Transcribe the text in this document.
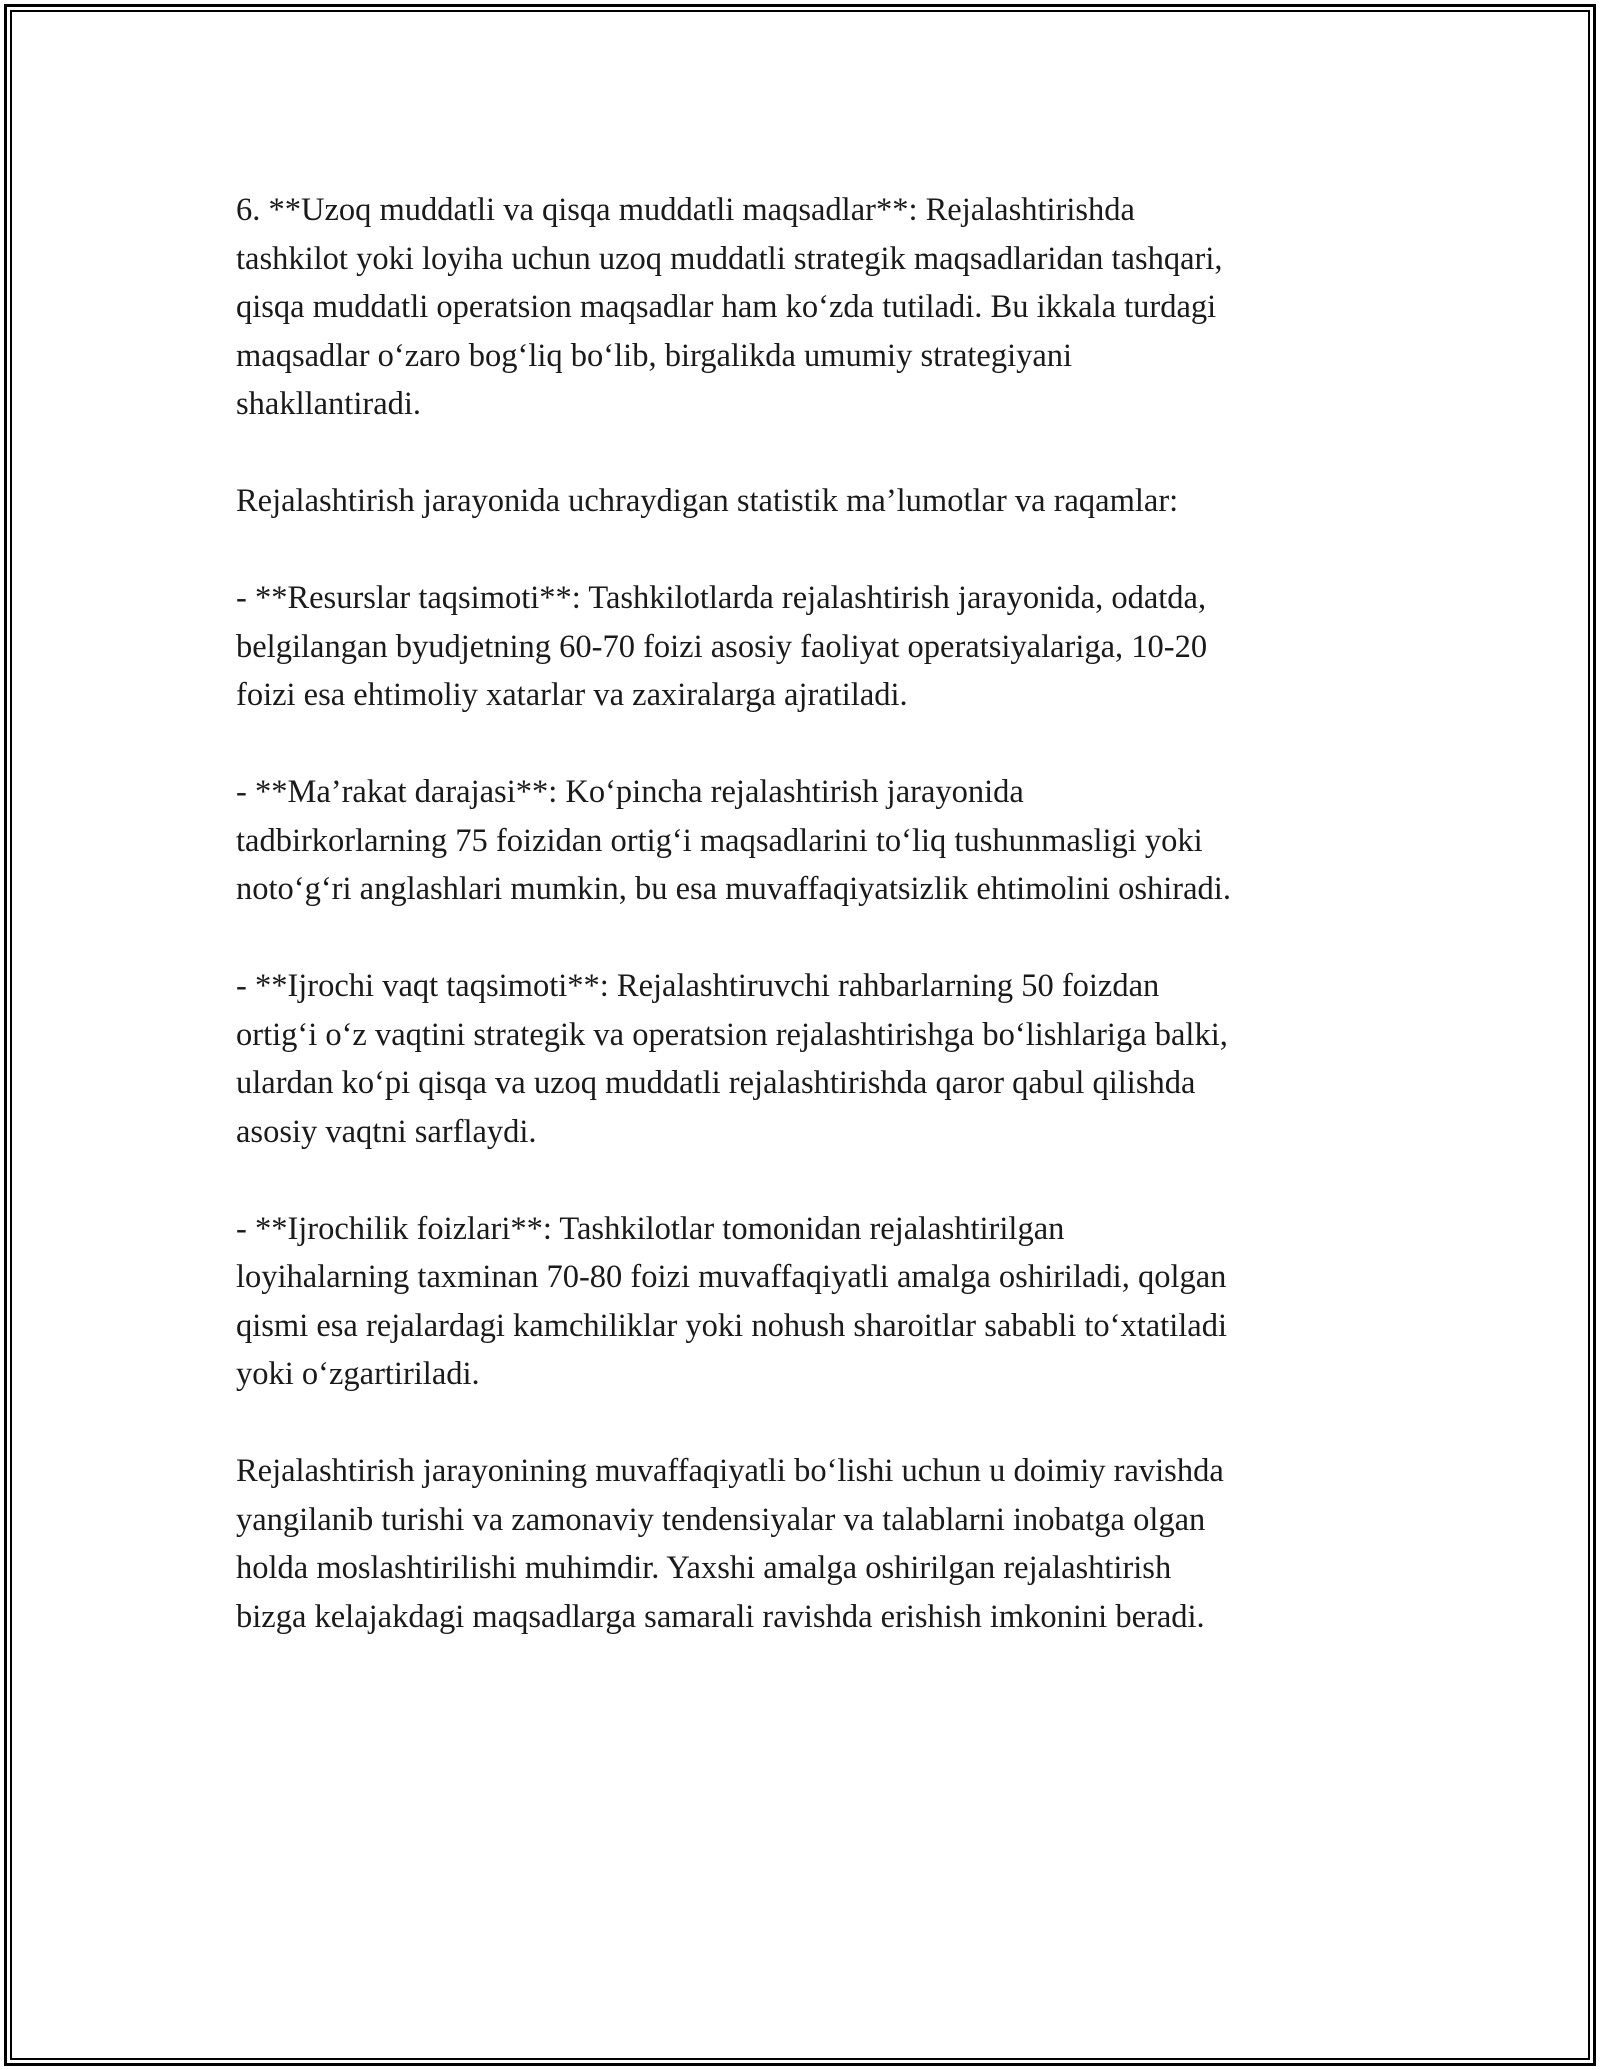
6. **Uzoq muddatli va qisqa muddatli maqsadlar**: Rejalashtirishda
tashkilot yoki loyiha uchun uzoq muddatli strategik maqsadlaridan tashqari,
qisqa muddatli operatsion maqsadlar ham ko‘zda tutiladi. Bu ikkala turdagi
maqsadlar o‘zaro bog‘liq bo‘lib, birgalikda umumiy strategiyani
shakllantiradi.

Rejalashtirish jarayonida uchraydigan statistik ma’lumotlar va raqamlar:

- **Resurslar taqsimoti**: Tashkilotlarda rejalashtirish jarayonida, odatda,
belgilangan byudjetning 60-70 foizi asosiy faoliyat operatsiyalariga, 10-20
foizi esa ehtimoliy xatarlar va zaxiralarga ajratiladi.

- **Ma’rakat darajasi**: Ko‘pincha rejalashtirish jarayonida
tadbirkorlarning 75 foizidan ortig‘i maqsadlarini to‘liq tushunmasligi yoki
noto‘g‘ri anglashlari mumkin, bu esa muvaffaqiyatsizlik ehtimolini oshiradi.

- **Ijrochi vaqt taqsimoti**: Rejalashtiruvchi rahbarlarning 50 foizdan
ortig‘i o‘z vaqtini strategik va operatsion rejalashtirishga bo‘lishlariga balki,
ulardan ko‘pi qisqa va uzoq muddatli rejalashtirishda qaror qabul qilishda
asosiy vaqtni sarflaydi.

- **Ijrochilik foizlari**: Tashkilotlar tomonidan rejalashtirilgan
loyihalarning taxminan 70-80 foizi muvaffaqiyatli amalga oshiriladi, qolgan
qismi esa rejalardagi kamchiliklar yoki nohush sharoitlar sababli to‘xtatiladi
yoki o‘zgartiriladi.

Rejalashtirish jarayonining muvaffaqiyatli bo‘lishi uchun u doimiy ravishda
yangilanib turishi va zamonaviy tendensiyalar va talablarni inobatga olgan
holda moslashtirilishi muhimdir. Yaxshi amalga oshirilgan rejalashtirish
bizga kelajakdagi maqsadlarga samarali ravishda erishish imkonini beradi.
